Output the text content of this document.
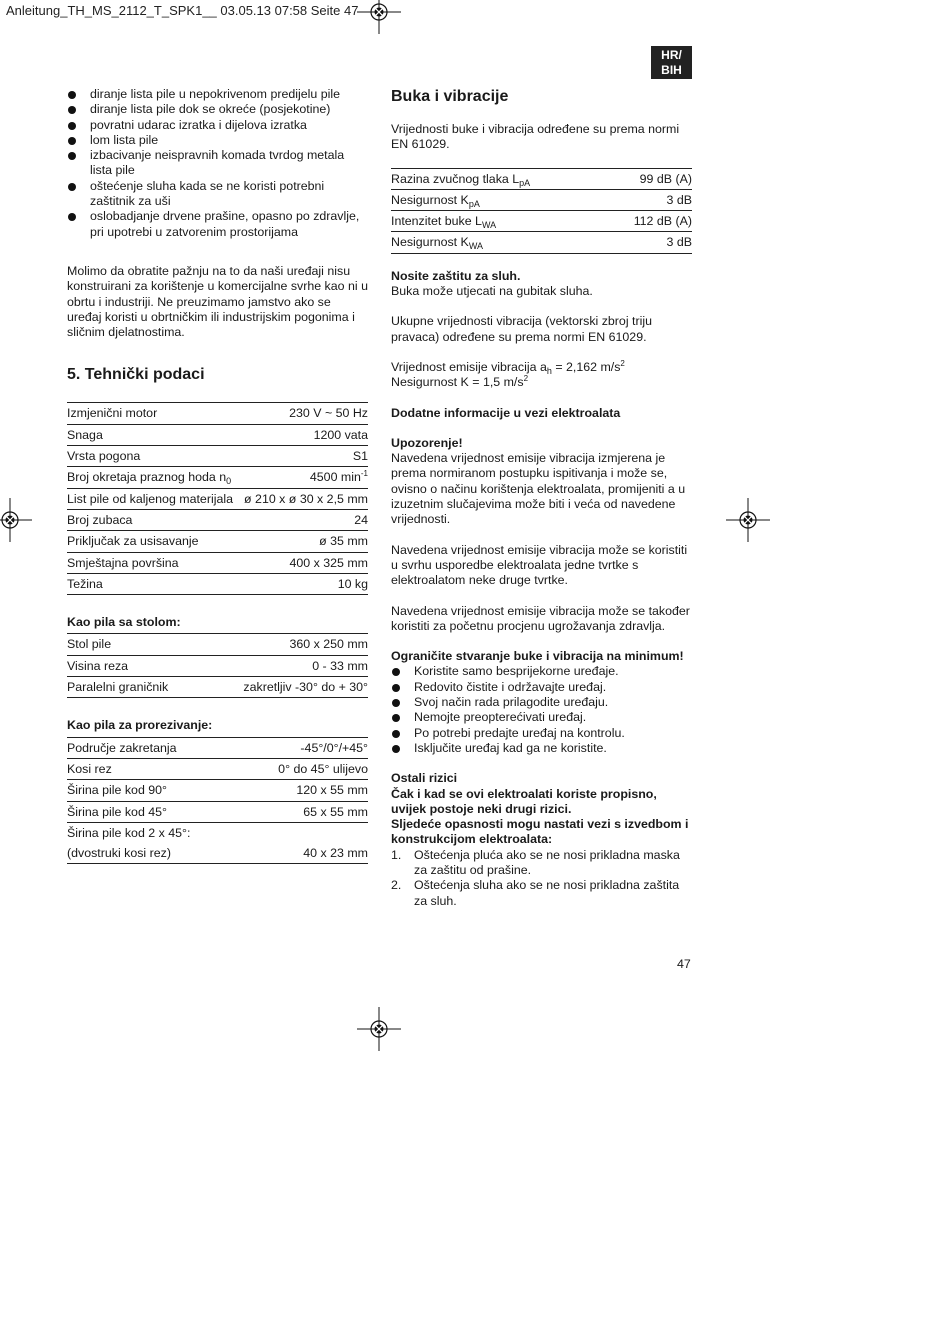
Anleitung_TH_MS_2112_T_SPK1__ 03.05.13 07:58 Seite 47
HR/
BIH
diranje lista pile u nepokrivenom predijelu pile
diranje lista pile dok se okreće (posjekotine)
povratni udarac izratka i dijelova izratka
lom lista pile
izbacivanje neispravnih komada tvrdog metala lista pile
oštećenje sluha kada se ne koristi potrebni zaštitnik za uši
oslobadjanje drvene prašine, opasno po zdravlje, pri upotrebi u zatvorenim prostorijama

Molimo da obratite pažnju na to da naši uređaji nisu konstruirani za korištenje u komercijalne svrhe kao ni u obrtu i industriji. Ne preuzimamo jamstvo ako se uređaj koristi u obrtničkim ili industrijskim pogonima i sličnim djelatnostima.

5. Tehnički podaci
Izmjenični motor	230 V ~ 50 Hz
Snaga	1200 vata
Vrsta pogona	S1
Broj okretaja praznog hoda $n_0$	4500 $\min^{-1}$
List pile od kaljenog materijala	ø 210 x ø 30 x 2,5 mm
Broj zubaca	24
Priključak za usisavanje	ø 35 mm
Smještajna površina	400 x 325 mm
Težina	10 kg

Kao pila sa stolom:

Stol pile	360 x 250 mm
Visina reza	0 - 33 mm
Paralelni graničnik	zakretljiv -30° do + 30°

Kao pila za prorezivanje:

Područje zakretanja	-45°/0°/+45°
Kosi rez	0° do 45° ulijevo
Širina pile kod 90°	120 x 55 mm
Širina pile kod 45°	65 x 55 mm
Širina pile kod 2 x 45°:	
(dvostruki kosi rez)	40 x 23 mm
Buka i vibracije

Vrijednosti buke i vibracija određene su prema normi EN 61029.

Razina zvučnog tlaka $L_{pA}$	99 dB (A)
Nesigurnost $K_{pA}$	3 dB
Intenzitet buke $L_{WA}$	112 dB (A)
Nesigurnost $K_{WA}$	3 dB

Nosite zaštitu za sluh.

Buka može utjecati na gubitak sluha.

Ukupne vrijednosti vibracija (vektorski zbroj triju pravaca) određene su prema normi EN 61029.

Vrijednost emisije vibracija $a_h = 2,162$ $m/s^2$

Nesigurnost K = 1,5 $m/s^2$

Dodatne informacije u vezi elektroalata

Upozorenje!

Navedena vrijednost emisije vibracija izmjerena je prema normiranom postupku ispitivanja i može se, ovisno o načinu korištenja elektroalata, promijeniti a u izuzetnim slučajevima može biti i veća od navedene vrijednosti.

Navedena vrijednost emisije vibracija može se koristiti u svrhu usporedbe elektroalata jedne tvrtke s elektroalatom neke druge tvrtke.

Navedena vrijednost emisije vibracija može se također koristiti za početnu procjenu ugrožavanja zdravlja.

Ograničite stvaranje buke i vibracija na minimum!

Koristite samo besprijekorne uređaje.
Redovito čistite i održavajte uređaj.
Svoj način rada prilagodite uređaju.
Nemojte preopterećivati uređaj.
Po potrebi predajte uređaj na kontrolu.
Isključite uređaj kad ga ne koristite.

Ostali rizici

Čak i kad se ovi elektroalati koriste propisno, uvijek postoje neki drugi rizici.

Sljedeće opasnosti mogu nastati vezi s izvedbom i konstrukcijom elektroalata:

1. Oštećenja pluća ako se ne nosi prikladna maska za zaštitu od prašine.
2. Oštećenja sluha ako se ne nosi prikladna zaštita za sluh.
47
